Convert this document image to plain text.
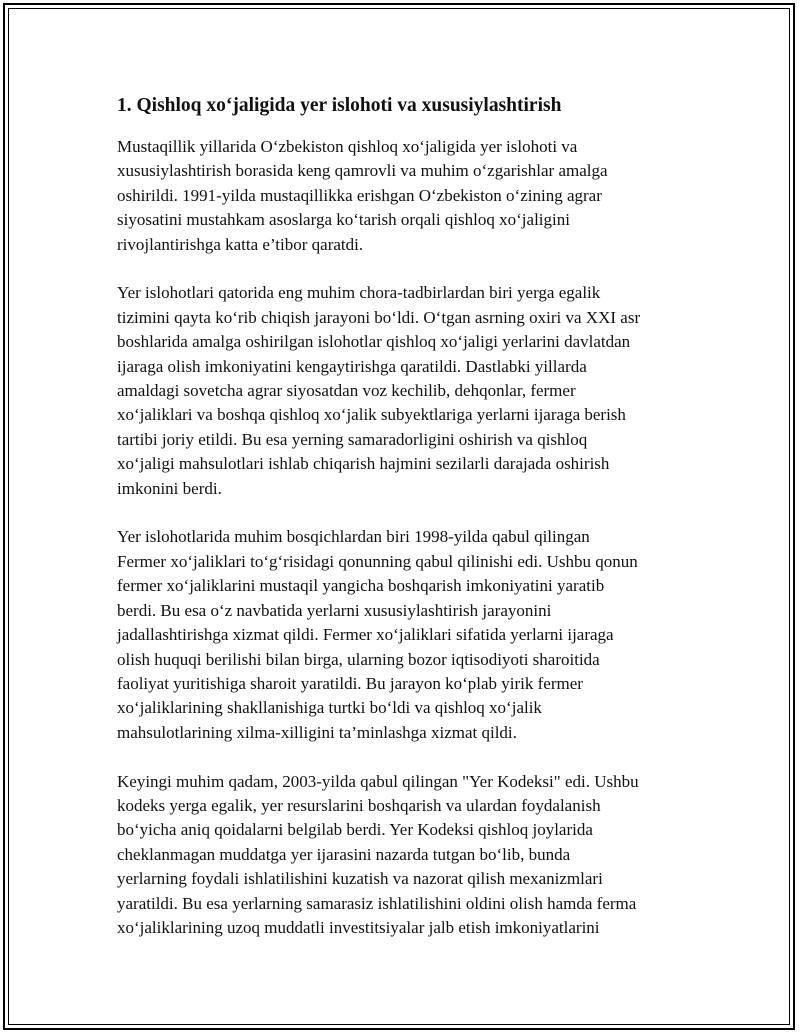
1. Qishloq xo‘jaligida yer islohoti va xususiylashtirish

Mustaqillik yillarida O‘zbekiston qishloq xo‘jaligida yer islohoti va
xususiylashtirish borasida keng qamrovli va muhim o‘zgarishlar amalga
oshirildi. 1991-yilda mustaqillikka erishgan O‘zbekiston o‘zining agrar
siyosatini mustahkam asoslarga ko‘tarish orqali qishloq xo‘jaligini
rivojlantirishga katta e’tibor qaratdi.

Yer islohotlari qatorida eng muhim chora-tadbirlardan biri yerga egalik
tizimini qayta ko‘rib chiqish jarayoni bo‘ldi. O‘tgan asrning oxiri va XXI asr
boshlarida amalga oshirilgan islohotlar qishloq xo‘jaligi yerlarini davlatdan
ijaraga olish imkoniyatini kengaytirishga qaratildi. Dastlabki yillarda
amaldagi sovetcha agrar siyosatdan voz kechilib, dehqonlar, fermer
xo‘jaliklari va boshqa qishloq xo‘jalik subyektlariga yerlarni ijaraga berish
tartibi joriy etildi. Bu esa yerning samaradorligini oshirish va qishloq
xo‘jaligi mahsulotlari ishlab chiqarish hajmini sezilarli darajada oshirish
imkonini berdi.

Yer islohotlarida muhim bosqichlardan biri 1998-yilda qabul qilingan
Fermer xo‘jaliklari to‘g‘risidagi qonunning qabul qilinishi edi. Ushbu qonun
fermer xo‘jaliklarini mustaqil yangicha boshqarish imkoniyatini yaratib
berdi. Bu esa o‘z navbatida yerlarni xususiylashtirish jarayonini
jadallashtirishga xizmat qildi. Fermer xo‘jaliklari sifatida yerlarni ijaraga
olish huquqi berilishi bilan birga, ularning bozor iqtisodiyoti sharoitida
faoliyat yuritishiga sharoit yaratildi. Bu jarayon ko‘plab yirik fermer
xo‘jaliklarining shakllanishiga turtki bo‘ldi va qishloq xo‘jalik
mahsulotlarining xilma-xilligini ta’minlashga xizmat qildi.

Keyingi muhim qadam, 2003-yilda qabul qilingan "Yer Kodeksi" edi. Ushbu
kodeks yerga egalik, yer resurslarini boshqarish va ulardan foydalanish
bo‘yicha aniq qoidalarni belgilab berdi. Yer Kodeksi qishloq joylarida
cheklanmagan muddatga yer ijarasini nazarda tutgan bo‘lib, bunda
yerlarning foydali ishlatilishini kuzatish va nazorat qilish mexanizmlari
yaratildi. Bu esa yerlarning samarasiz ishlatilishini oldini olish hamda ferma
xo‘jaliklarining uzoq muddatli investitsiyalar jalb etish imkoniyatlarini
